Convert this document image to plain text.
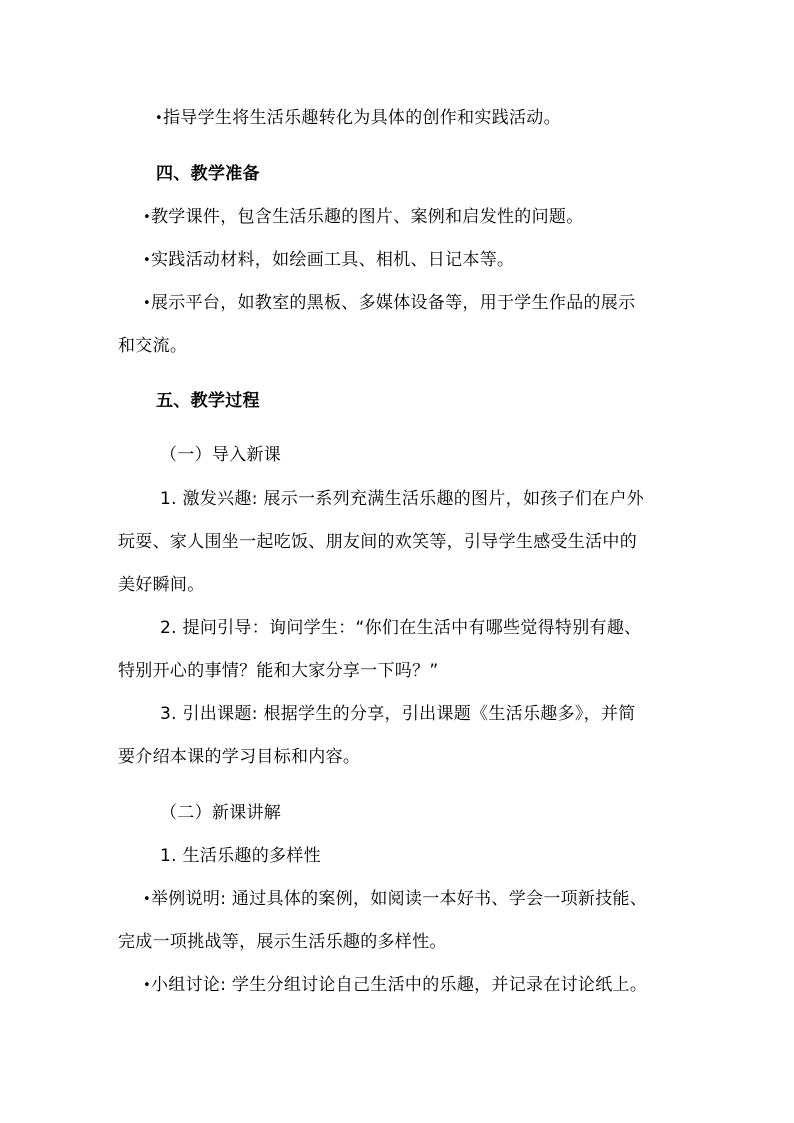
•指导学生将生活乐趣转化为具体的创作和实践活动。
四、教学准备
•教学课件，包含生活乐趣的图片、案例和启发性的问题。
•实践活动材料，如绘画工具、相机、日记本等。
•展示平台，如教室的黑板、多媒体设备等，用于学生作品的展示
和交流。
五、教学过程
（一）导入新课
1. 激发兴趣: 展示一系列充满生活乐趣的图片，如孩子们在户外
玩耍、家人围坐一起吃饭、朋友间的欢笑等，引导学生感受生活中的
美好瞬间。
2. 提问引导：询问学生：“你们在生活中有哪些觉得特别有趣、
特别开心的事情？能和大家分享一下吗？”
3. 引出课题: 根据学生的分享，引出课题《生活乐趣多》，并简
要介绍本课的学习目标和内容。
（二）新课讲解
1. 生活乐趣的多样性
•举例说明: 通过具体的案例，如阅读一本好书、学会一项新技能、
完成一项挑战等，展示生活乐趣的多样性。
•小组讨论: 学生分组讨论自己生活中的乐趣，并记录在讨论纸上。
